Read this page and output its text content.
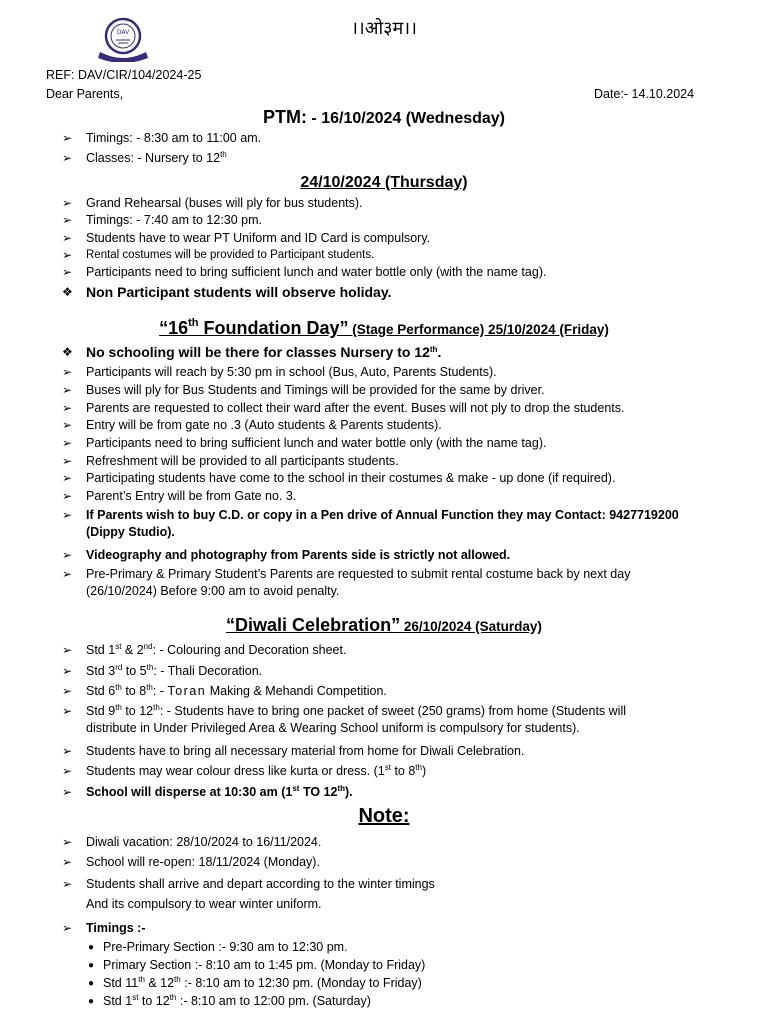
DAV	।।ओ३म।।
REF: DAV/CIR/104/2024-25
Dear Parents,	Date:- 14.10.2024
PTM: - 16/10/2024 (Wednesday)
➢	Timings: - 8:30 am to 11:00 am.
➢	Classes: - Nursery to 12th
24/10/2024 (Thursday)
➢	Grand Rehearsal (buses will ply for bus students).
➢	Timings: - 7:40 am to 12:30 pm.
➢	Students have to wear PT Uniform and ID Card is compulsory.
➢	Rental costumes will be provided to Participant students.
➢	Participants need to bring sufficient lunch and water bottle only (with the name tag).
❖ Non Participant students will observe holiday.
“16th Foundation Day” (Stage Performance) 25/10/2024 (Friday)
❖ No schooling will be there for classes Nursery to 12th.
➢	Participants will reach by 5:30 pm in school (Bus, Auto, Parents Students).
➢	Buses will ply for Bus Students and Timings will be provided for the same by driver.
➢	Parents are requested to collect their ward after the event. Buses will not ply to drop the students.
➢	Entry will be from gate no .3 (Auto students & Parents students).
➢	Participants need to bring sufficient lunch and water bottle only (with the name tag).
➢	Refreshment will be provided to all participants students.
➢	Participating students have come to the school in their costumes & make - up done (if required).
➢	Parent’s Entry will be from Gate no. 3.
➢	If Parents wish to buy C.D. or copy in a Pen drive of Annual Function they may Contact: 9427719200
(Dippy Studio).
➢	Videography and photography from Parents side is strictly not allowed.
➢	Pre-Primary & Primary Student’s Parents are requested to submit rental costume back by next day
(26/10/2024) Before 9:00 am to avoid penalty.
“Diwali Celebration” 26/10/2024 (Saturday)
➢	Std 1st & 2nd: - Colouring and Decoration sheet.
➢	Std 3rd to 5th: - Thali Decoration.
➢	Std 6th to 8th: - Toran Making & Mehandi Competition.
➢	Std 9th to 12th: - Students have to bring one packet of sweet (250 grams) from home (Students will
distribute in Under Privileged Area & Wearing School uniform is compulsory for students).
➢	Students have to bring all necessary material from home for Diwali Celebration.
➢	Students may wear colour dress like kurta or dress. (1st to 8th)
➢	School will disperse at 10:30 am (1st TO 12th).
Note:
➢	Diwali vacation: 28/10/2024 to 16/11/2024.
➢	School will re-open: 18/11/2024 (Monday).
➢	Students shall arrive and depart according to the winter timings
And its compulsory to wear winter uniform.
➢	Timings :-
● Pre-Primary Section :- 9:30 am to 12:30 pm.
● Primary Section :- 8:10 am to 1:45 pm. (Monday to Friday)
● Std 11th & 12th :- 8:10 am to 12:30 pm. (Monday to Friday)
● Std 1st to 12th :- 8:10 am to 12:00 pm. (Saturday)
